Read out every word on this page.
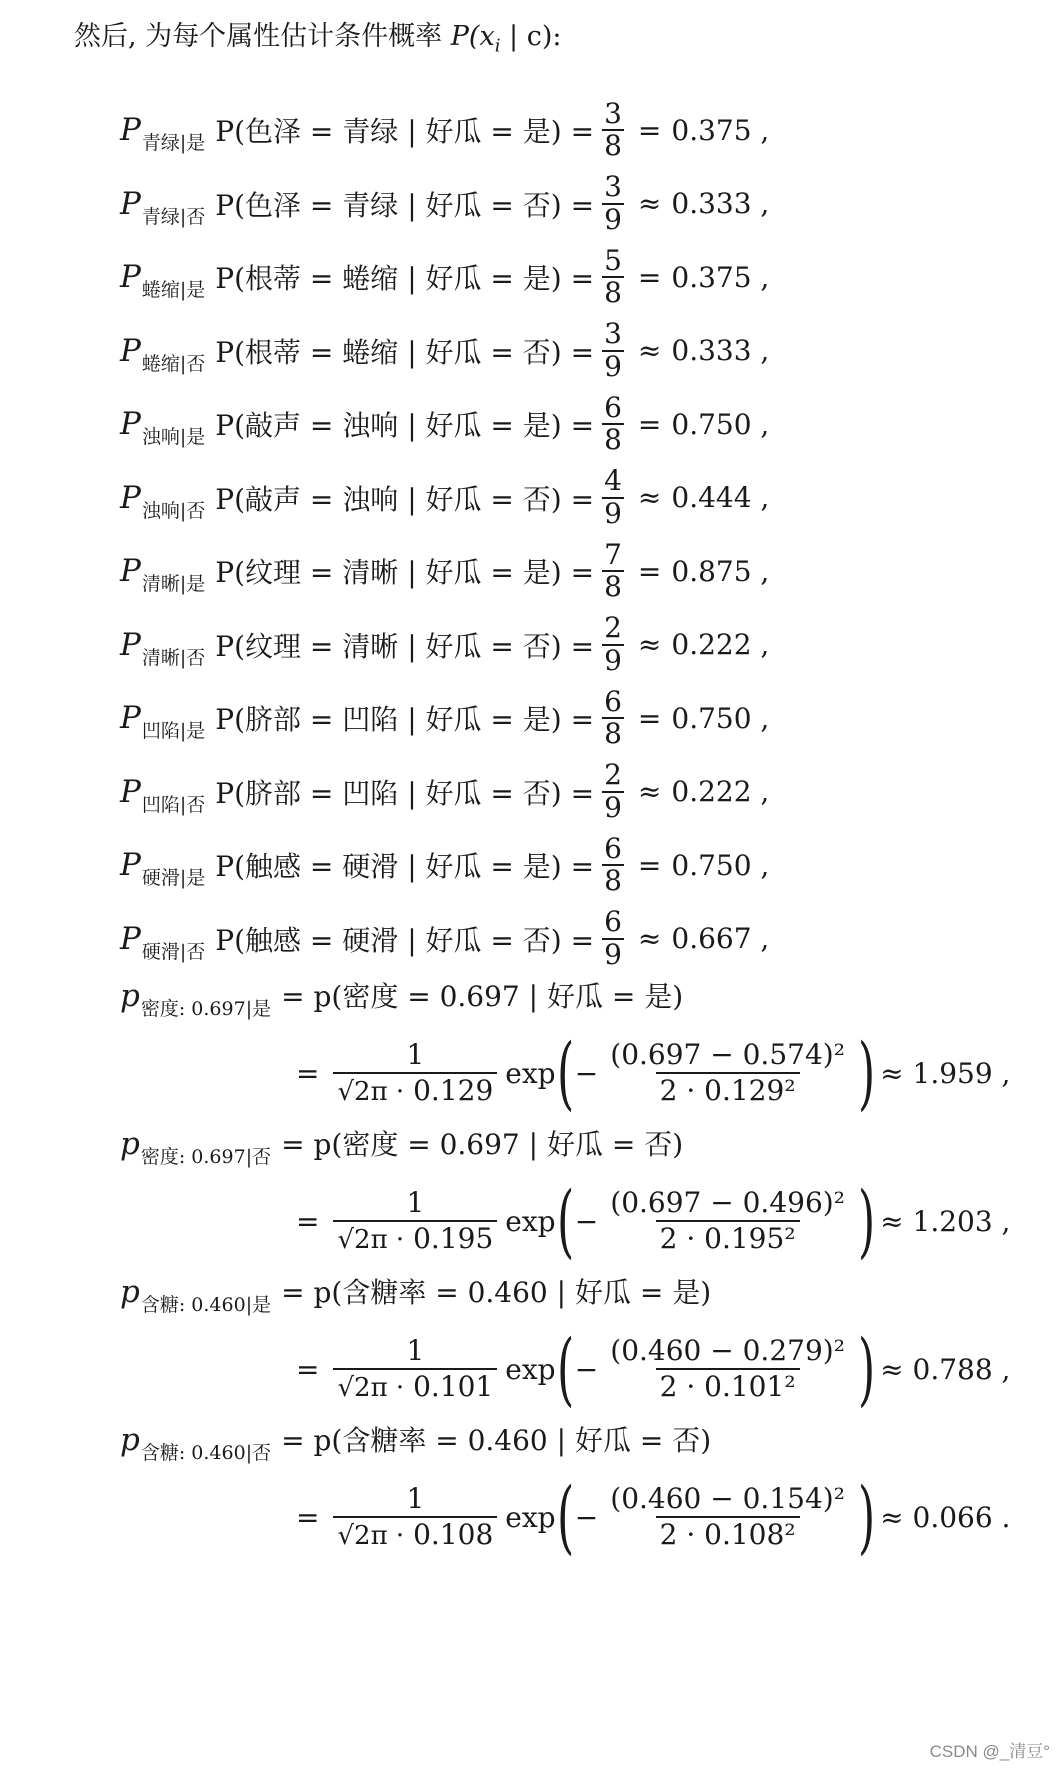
然后, 为每个属性估计条件概率 $P(x_i$ | c):
P 青绿|是 P(色泽 = 青绿 | 好瓜 = 是) = $\frac{3}{8} = 0.375$ ,
P 青绿|否 P(色泽 = 青绿 | 好瓜 = 否) = $\frac{3}{9} \approx 0.333$ ,
P 蜷缩|是 P(根蒂 = 蜷缩 | 好瓜 = 是) = $\frac{5}{8} = 0.375$ ,
P 蜷缩|否 P(根蒂 = 蜷缩 | 好瓜 = 否) = $\frac{3}{9} \approx 0.333$ ,
P 浊响|是 P(敲声 = 浊响 | 好瓜 = 是) = $\frac{6}{8} = 0.750$ ,
P 浊响|否 P(敲声 = 浊响 | 好瓜 = 否) = $\frac{4}{9} \approx 0.444$ ,
P 清晰|是 P(纹理 = 清晰 | 好瓜 = 是) = $\frac{7}{8} = 0.875$ ,
P 清晰|否 P(纹理 = 清晰 | 好瓜 = 否) = $\frac{2}{9} \approx 0.222$ ,
P 凹陷|是 P(脐部 = 凹陷 | 好瓜 = 是) = $\frac{6}{8} = 0.750$ ,
P 凹陷|否 P(脐部 = 凹陷 | 好瓜 = 否) = $\frac{2}{9} \approx 0.222$ ,
P 硬滑|是 P(触感 = 硬滑 | 好瓜 = 是) = $\frac{6}{8} = 0.750$ ,
P 硬滑|否 P(触感 = 硬滑 | 好瓜 = 否) = $\frac{6}{9} \approx 0.667$ ,
p 密度: 0.697|是 = p(密度 = 0.697 | 好瓜 = 是)
= $\frac{1}{√2\pi \cdot 0.129}$ exp ( − $\frac{\text{(0.697 − 0.574)²}}{\text{2 · 0.129²}}$ ) ≈ 1.959 ,
p 密度: 0.697|否 = p(密度 = 0.697 | 好瓜 = 否)
= $\frac{1}{√2\pi \cdot 0.195}$ exp ( − $\frac{\text{(0.697 − 0.496)²}}{\text{2 · 0.195²}}$ ) ≈ 1.203 ,
p 含糖: 0.460|是 = p(含糖率 = 0.460 | 好瓜 = 是)
= $\frac{1}{√2\pi \cdot 0.101}$ exp ( − $\frac{\text{(0.460 − 0.279)²}}{\text{2 · 0.101²}}$ ) ≈ 0.788 ,
p 含糖: 0.460|否 = p(含糖率 = 0.460 | 好瓜 = 否)
= $\frac{1}{√2\pi \cdot 0.108}$ exp ( − $\frac{\text{(0.460 − 0.154)²}}{\text{2 · 0.108²}}$ ) ≈ 0.066 .
CSDN @_清豆°
